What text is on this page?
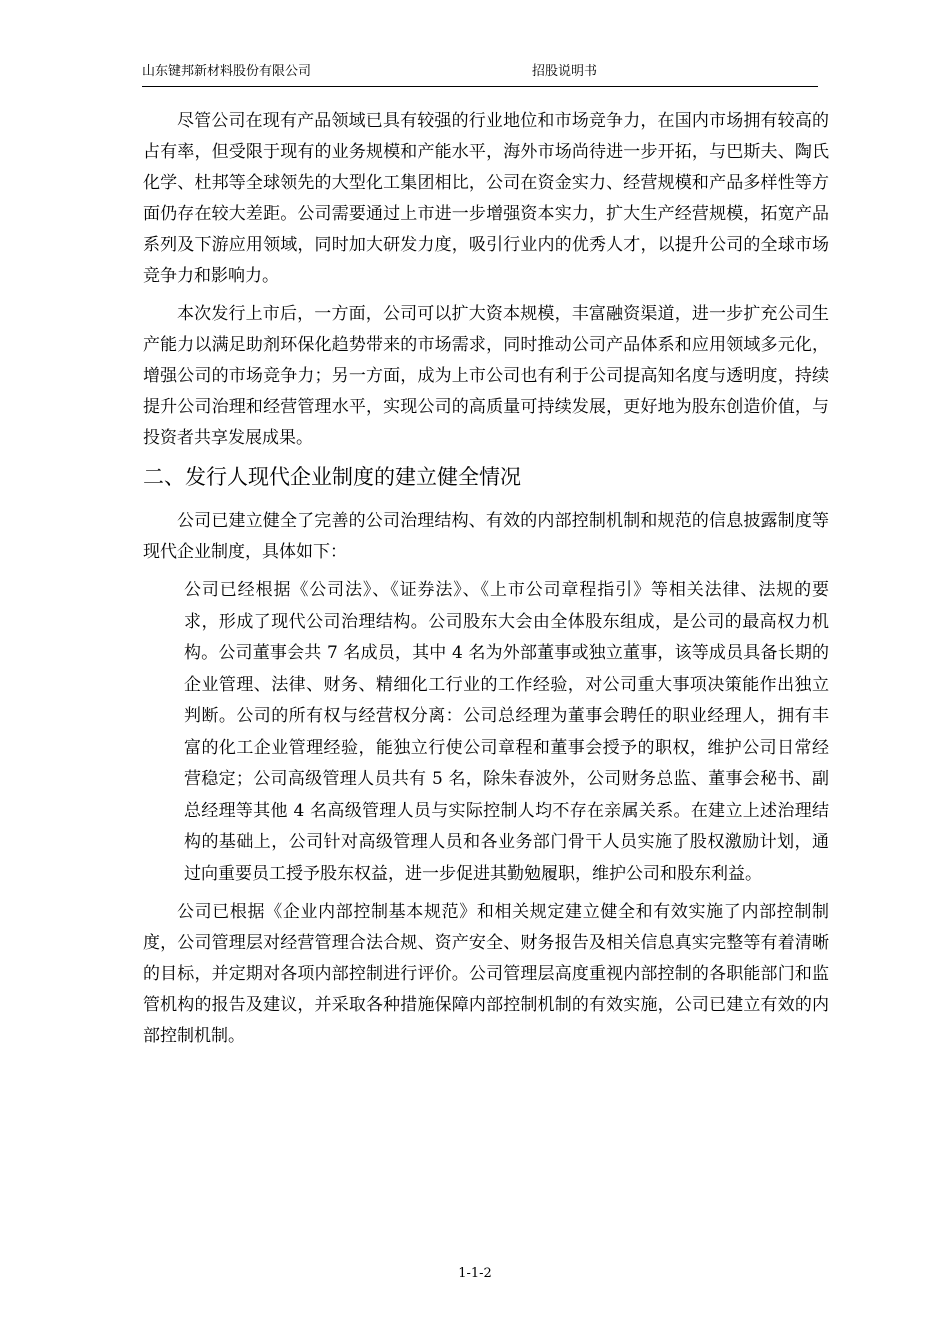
山东键邦新材料股份有限公司	招股说明书

尽管公司在现有产品领域已具有较强的行业地位和市场竞争力，在国内市场拥有较高的占有率，但受限于现有的业务规模和产能水平，海外市场尚待进一步开拓，与巴斯夫、陶氏化学、杜邦等全球领先的大型化工集团相比，公司在资金实力、经营规模和产品多样性等方面仍存在较大差距。公司需要通过上市进一步增强资本实力，扩大生产经营规模，拓宽产品系列及下游应用领域，同时加大研发力度，吸引行业内的优秀人才，以提升公司的全球市场竞争力和影响力。

本次发行上市后，一方面，公司可以扩大资本规模，丰富融资渠道，进一步扩充公司生产能力以满足助剂环保化趋势带来的市场需求，同时推动公司产品体系和应用领域多元化，增强公司的市场竞争力；另一方面，成为上市公司也有利于公司提高知名度与透明度，持续提升公司治理和经营管理水平，实现公司的高质量可持续发展，更好地为股东创造价值，与投资者共享发展成果。

二、发行人现代企业制度的建立健全情况

公司已建立健全了完善的公司治理结构、有效的内部控制机制和规范的信息披露制度等现代企业制度，具体如下：

公司已经根据《公司法》、《证券法》、《上市公司章程指引》等相关法律、法规的要求，形成了现代公司治理结构。公司股东大会由全体股东组成，是公司的最高权力机构。公司董事会共 7 名成员，其中 4 名为外部董事或独立董事，该等成员具备长期的企业管理、法律、财务、精细化工行业的工作经验，对公司重大事项决策能作出独立判断。公司的所有权与经营权分离：公司总经理为董事会聘任的职业经理人，拥有丰富的化工企业管理经验，能独立行使公司章程和董事会授予的职权，维护公司日常经营稳定；公司高级管理人员共有 5 名，除朱春波外，公司财务总监、董事会秘书、副总经理等其他 4 名高级管理人员与实际控制人均不存在亲属关系。在建立上述治理结构的基础上，公司针对高级管理人员和各业务部门骨干人员实施了股权激励计划，通过向重要员工授予股东权益，进一步促进其勤勉履职，维护公司和股东利益。

公司已根据《企业内部控制基本规范》和相关规定建立健全和有效实施了内部控制制度，公司管理层对经营管理合法合规、资产安全、财务报告及相关信息真实完整等有着清晰的目标，并定期对各项内部控制进行评价。公司管理层高度重视内部控制的各职能部门和监管机构的报告及建议，并采取各种措施保障内部控制机制的有效实施，公司已建立有效的内部控制机制。

1-1-2
